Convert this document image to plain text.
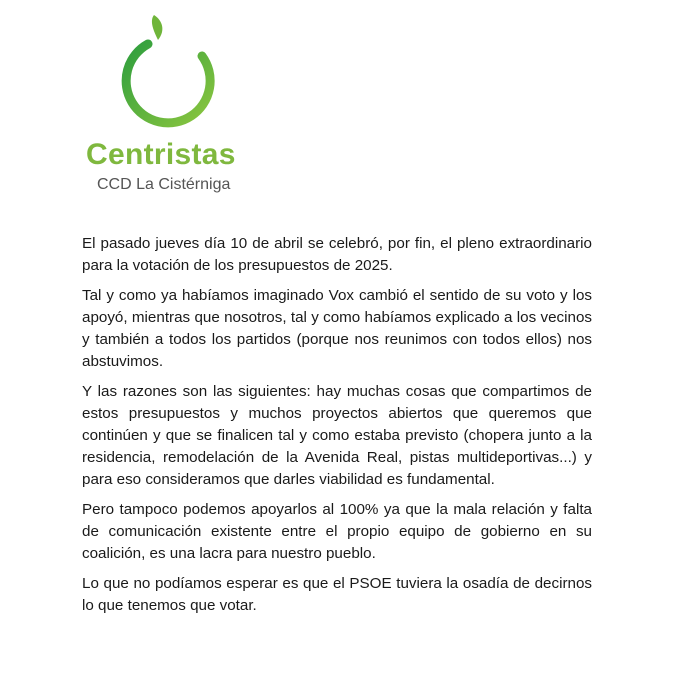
Centristas
CCD La Cistérniga

El pasado jueves día 10 de abril se celebró, por fin, el pleno extraordinario para la votación de los presupuestos de 2025.

Tal y como ya habíamos imaginado Vox cambió el sentido de su voto y los apoyó, mientras que nosotros, tal y como habíamos explicado a los vecinos y también a todos los partidos (porque nos reunimos con todos ellos) nos abstuvimos.

Y las razones son las siguientes: hay muchas cosas que compartimos de estos presupuestos y muchos proyectos abiertos que queremos que continúen y que se finalicen tal y como estaba previsto (chopera junto a la residencia, remodelación de la Avenida Real, pistas multideportivas...) y para eso consideramos que darles viabilidad es fundamental.

Pero tampoco podemos apoyarlos al 100% ya que la mala relación y falta de comunicación existente entre el propio equipo de gobierno en su coalición, es una lacra para nuestro pueblo.

Lo que no podíamos esperar es que el PSOE tuviera la osadía de decirnos lo que tenemos que votar.
